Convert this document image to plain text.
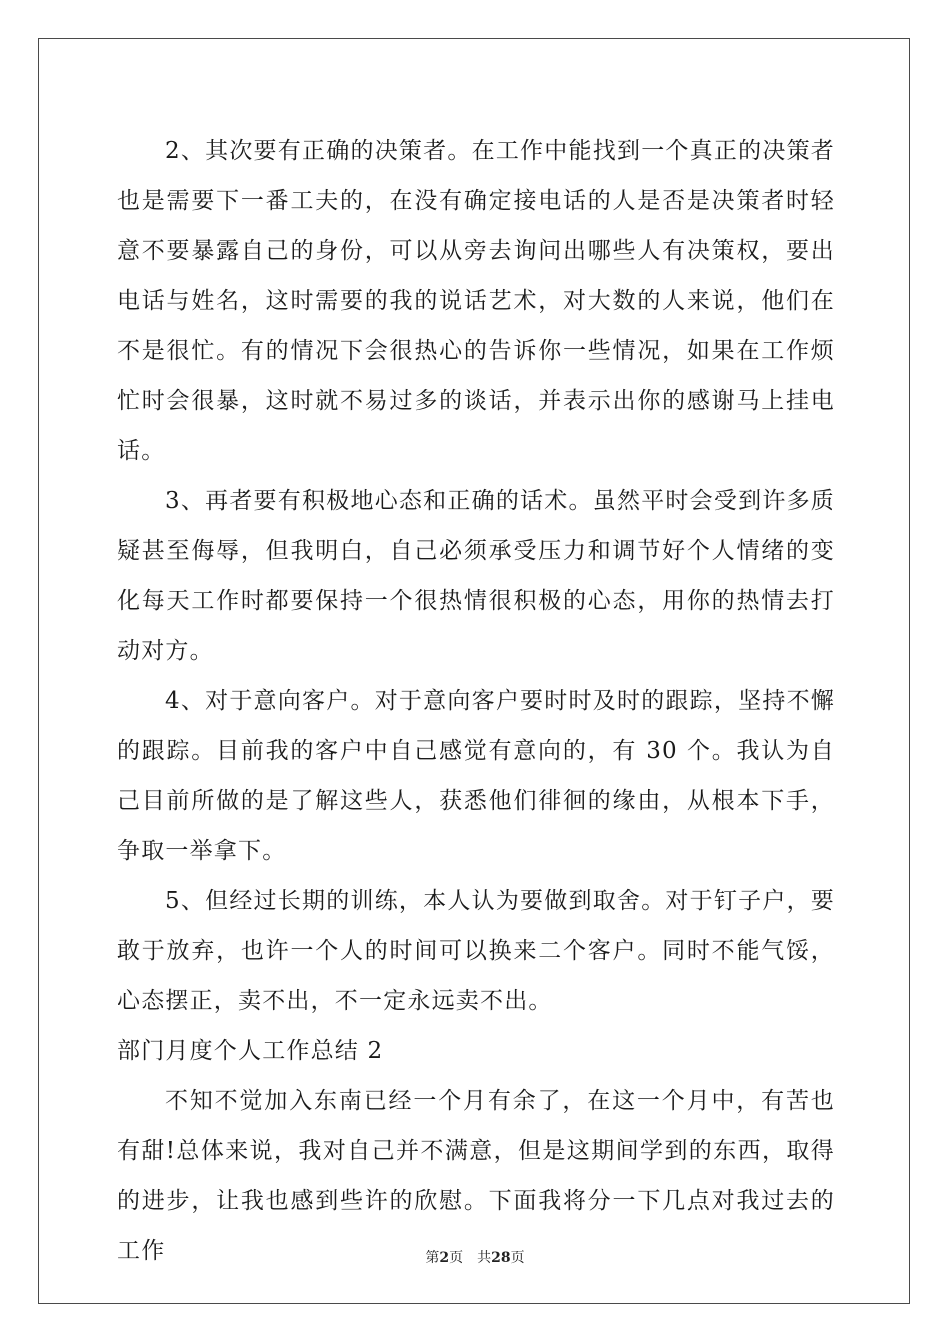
2、其次要有正确的决策者。在工作中能找到一个真正的决策者也是需要下一番工夫的，在没有确定接电话的人是否是决策者时轻意不要暴露自己的身份，可以从旁去询问出哪些人有决策权，要出电话与姓名，这时需要的我的说话艺术，对大数的人来说，他们在不是很忙。有的情况下会很热心的告诉你一些情况，如果在工作烦忙时会很暴，这时就不易过多的谈话，并表示出你的感谢马上挂电话。

3、再者要有积极地心态和正确的话术。虽然平时会受到许多质疑甚至侮辱，但我明白，自己必须承受压力和调节好个人情绪的变化每天工作时都要保持一个很热情很积极的心态，用你的热情去打动对方。

4、对于意向客户。对于意向客户要时时及时的跟踪，坚持不懈的跟踪。目前我的客户中自己感觉有意向的，有 30 个。我认为自己目前所做的是了解这些人，获悉他们徘徊的缘由，从根本下手，争取一举拿下。

5、但经过长期的训练，本人认为要做到取舍。对于钉子户，要敢于放弃，也许一个人的时间可以换来二个客户。同时不能气馁，心态摆正，卖不出，不一定永远卖不出。

部门月度个人工作总结 2

不知不觉加入东南已经一个月有余了，在这一个月中，有苦也有甜!总体来说，我对自己并不满意，但是这期间学到的东西，取得的进步，让我也感到些许的欣慰。下面我将分一下几点对我过去的工作	第2页 共28页
